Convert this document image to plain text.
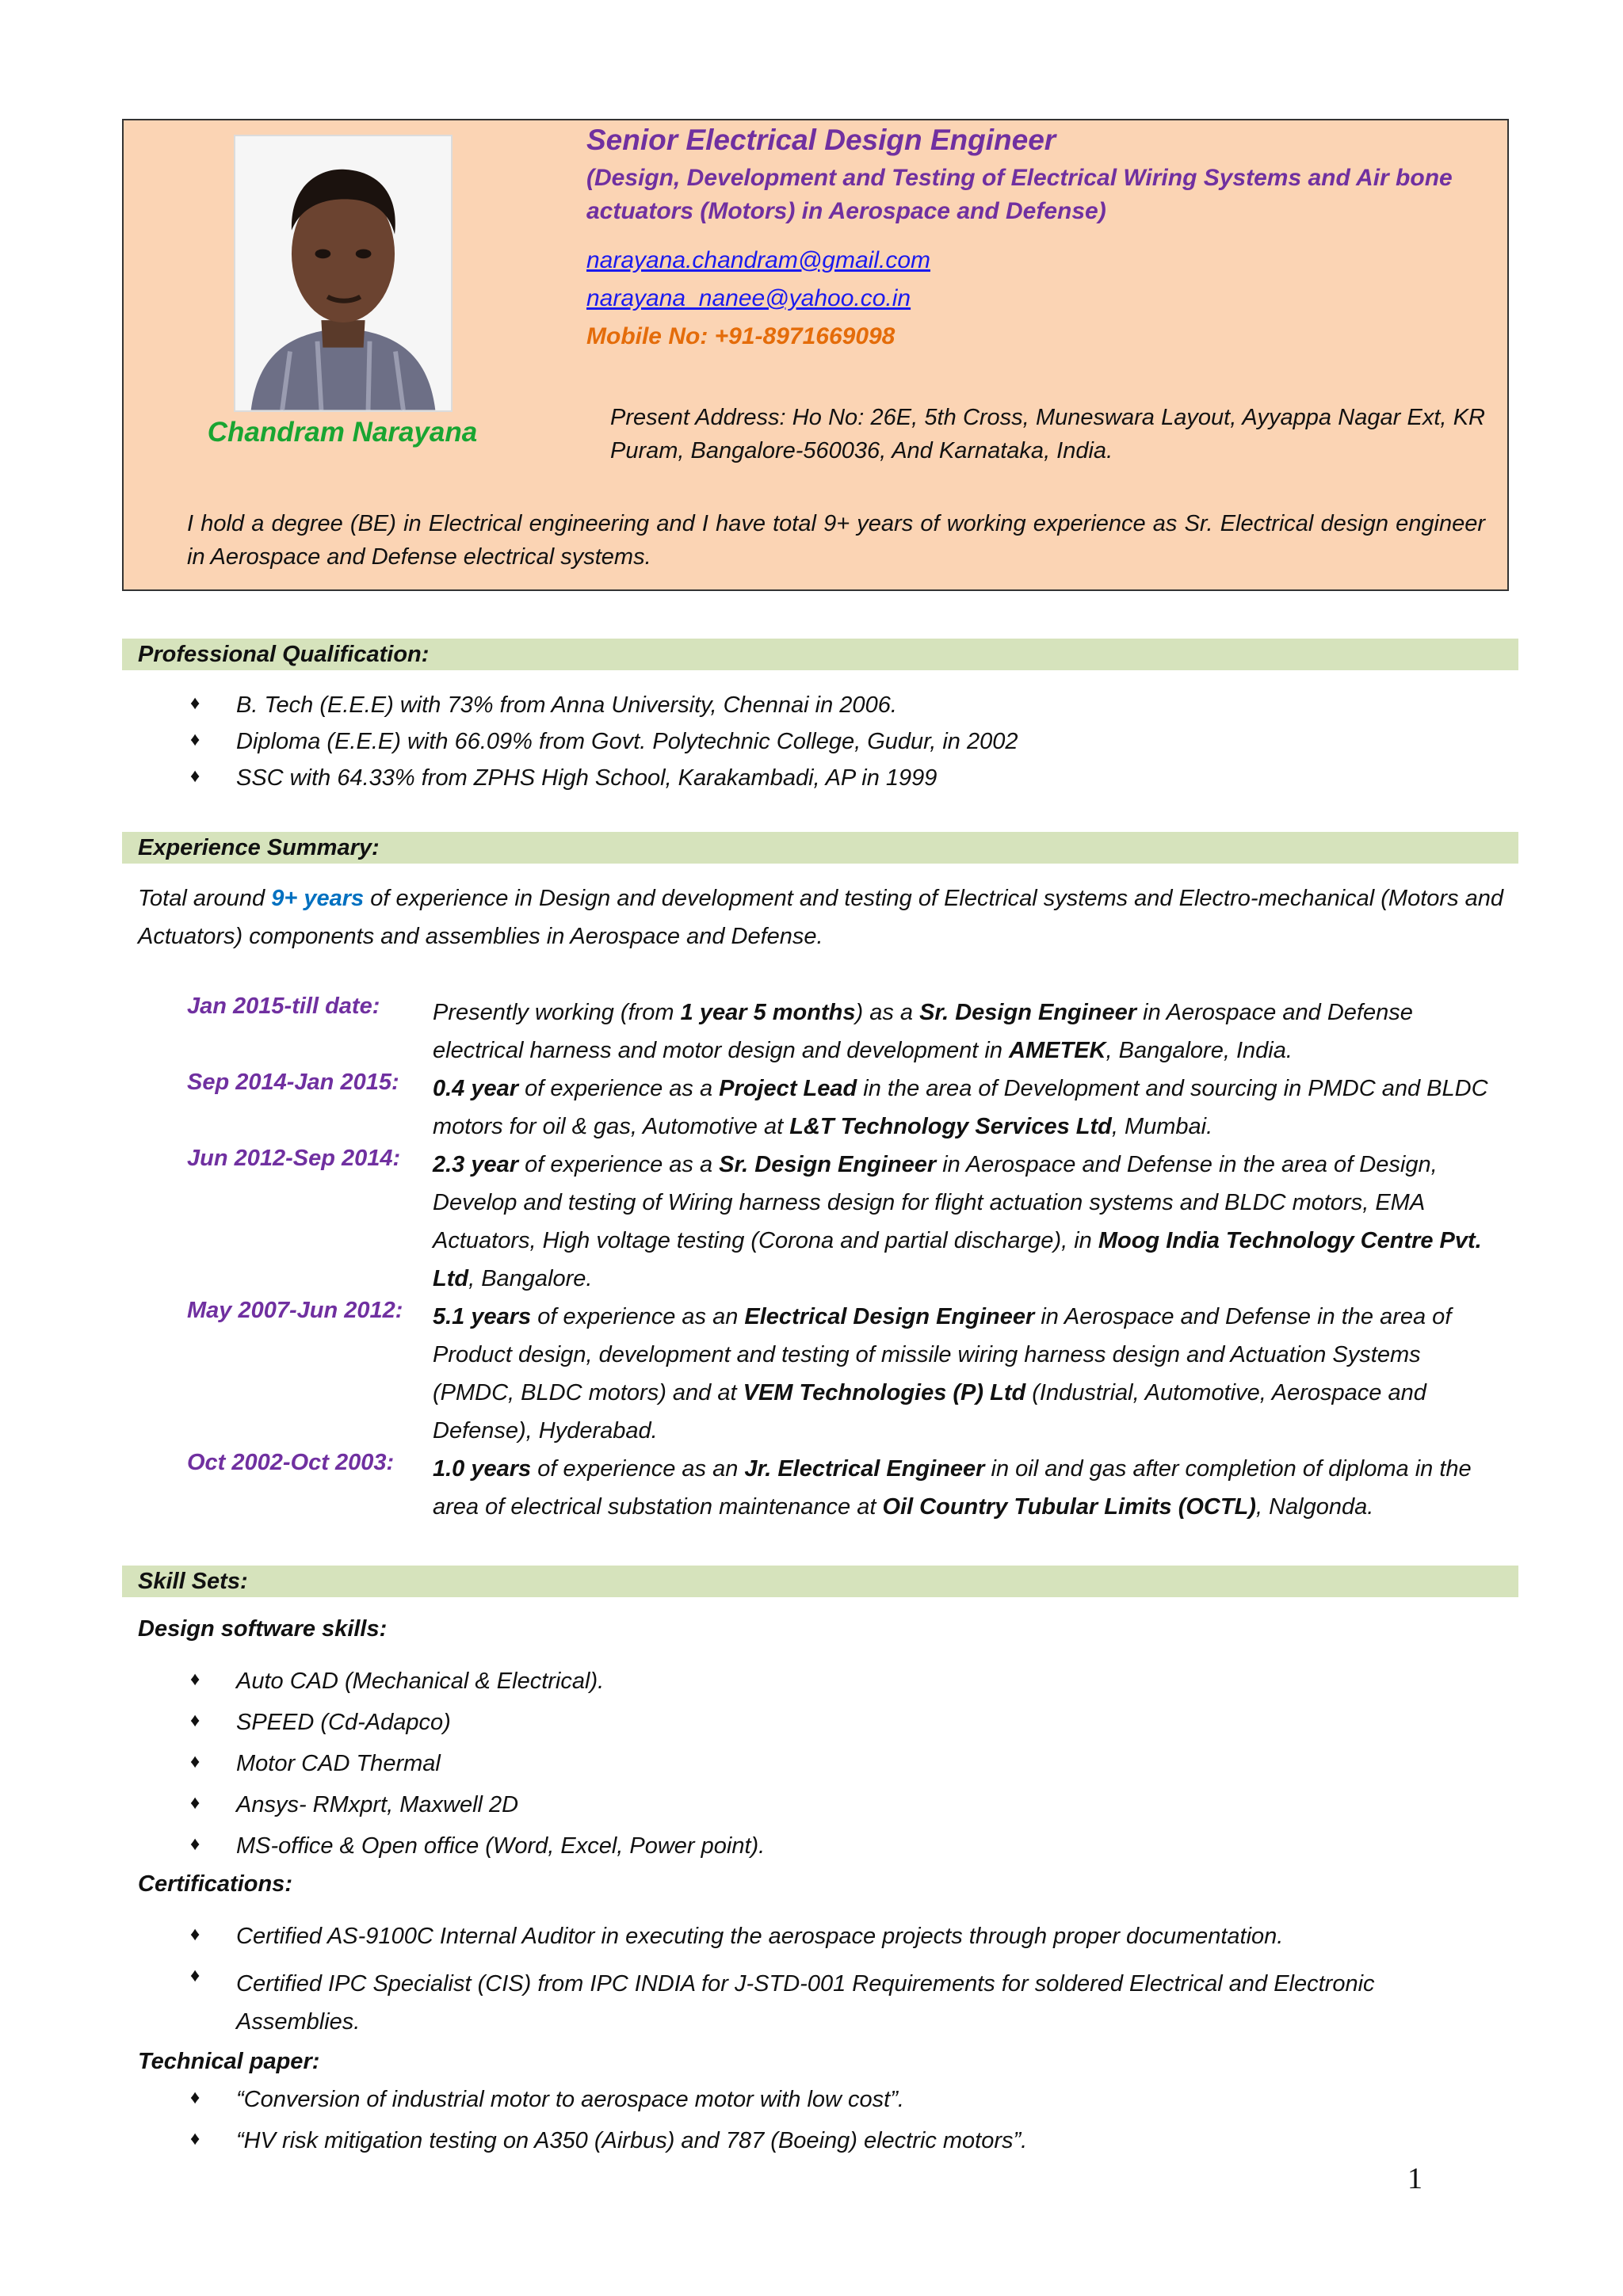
Chandram Narayana
Senior Electrical Design Engineer
(Design, Development and Testing of Electrical Wiring Systems and Air bone actuators (Motors) in Aerospace and Defense)
narayana.chandram@gmail.com
narayana_nanee@yahoo.co.in
Mobile No: +91-8971669098
Present Address: Ho No: 26E, 5th Cross, Muneswara Layout, Ayyappa Nagar Ext, KR Puram, Bangalore-560036, And Karnataka, India.
I hold a degree (BE) in Electrical engineering and I have total 9+ years of working experience as Sr. Electrical design engineer in Aerospace and Defense electrical systems.
Professional Qualification:
♦ B. Tech (E.E.E) with 73% from Anna University, Chennai in 2006.
♦ Diploma (E.E.E) with 66.09% from Govt. Polytechnic College, Gudur, in 2002
♦ SSC with 64.33% from ZPHS High School, Karakambadi, AP in 1999
Experience Summary:
Total around 9+ years of experience in Design and development and testing of Electrical systems and Electro-mechanical (Motors and Actuators) components and assemblies in Aerospace and Defense.
Jan 2015-till date: Presently working (from 1 year 5 months) as a Sr. Design Engineer in Aerospace and Defense electrical harness and motor design and development in AMETEK, Bangalore, India.
Sep 2014-Jan 2015: 0.4 year of experience as a Project Lead in the area of Development and sourcing in PMDC and BLDC motors for oil & gas, Automotive at L&T Technology Services Ltd, Mumbai.
Jun 2012-Sep 2014: 2.3 year of experience as a Sr. Design Engineer in Aerospace and Defense in the area of Design, Develop and testing of Wiring harness design for flight actuation systems and BLDC motors, EMA Actuators, High voltage testing (Corona and partial discharge), in Moog India Technology Centre Pvt. Ltd, Bangalore.
May 2007-Jun 2012: 5.1 years of experience as an Electrical Design Engineer in Aerospace and Defense in the area of Product design, development and testing of missile wiring harness design and Actuation Systems (PMDC, BLDC motors) and at VEM Technologies (P) Ltd (Industrial, Automotive, Aerospace and Defense), Hyderabad.
Oct 2002-Oct 2003: 1.0 years of experience as an Jr. Electrical Engineer in oil and gas after completion of diploma in the area of electrical substation maintenance at Oil Country Tubular Limits (OCTL), Nalgonda.
Skill Sets:
Design software skills:
♦ Auto CAD (Mechanical & Electrical).
♦ SPEED (Cd-Adapco)
♦ Motor CAD Thermal
♦ Ansys- RMxprt, Maxwell 2D
♦ MS-office & Open office (Word, Excel, Power point).
Certifications:
♦ Certified AS-9100C Internal Auditor in executing the aerospace projects through proper documentation.
♦ Certified IPC Specialist (CIS) from IPC INDIA for J-STD-001 Requirements for soldered Electrical and Electronic Assemblies.
Technical paper:
♦ “Conversion of industrial motor to aerospace motor with low cost”.
♦ “HV risk mitigation testing on A350 (Airbus) and 787 (Boeing) electric motors”.
1
